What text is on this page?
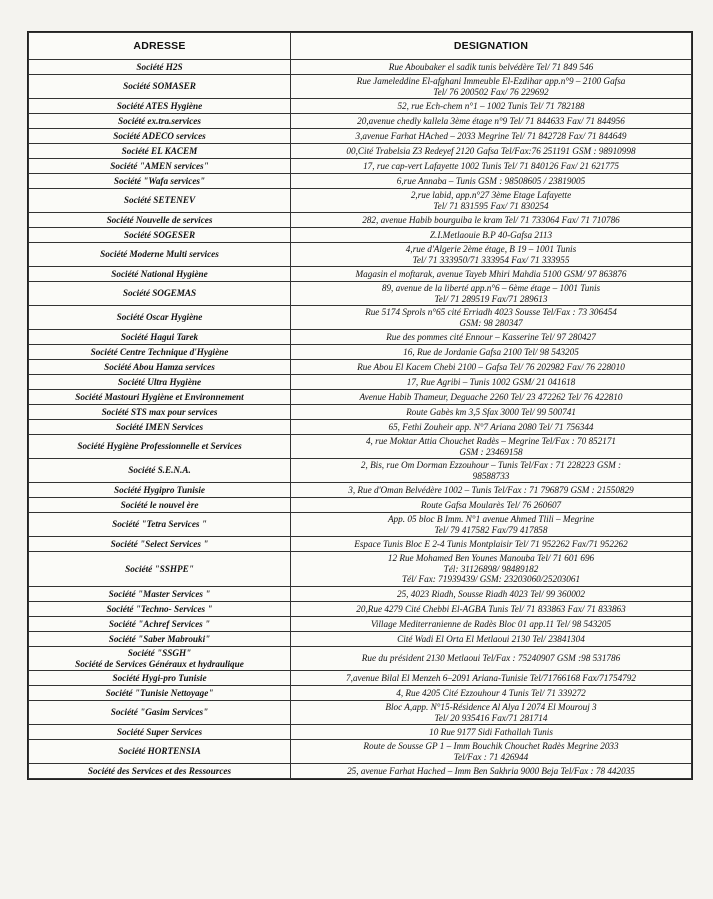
ADRESSE	DESIGNATION

Société H2S	Rue Aboubaker el sadik tunis belvédère Tel/ 71 849 546

Société SOMASER	Rue Jameleddine El-afghani Immeuble El-Ezdihar app.n°9 – 2100 Gafsa
Tel/ 76 200502 Fax/ 76 229692

Société ATES Hygiène	52, rue Ech-chem n°1 – 1002 Tunis Tel/ 71 782188

Société ex.tra.services	20,avenue chedly kallela 3ème étage n°9 Tel/ 71 844633 Fax/ 71 844956

Société ADECO services	3,avenue Farhat HAched – 2033 Megrine Tel/ 71 842728 Fax/ 71 844649

Société EL KACEM	00,Cité Trabelsia Z3 Redeyef 2120 Gafsa Tel/Fax:76 251191 GSM : 98910998

Société "AMEN services"	17, rue cap-vert Lafayette 1002 Tunis Tel/ 71 840126 Fax/ 21 621775

Société "Wafa services"	6,rue Annaba – Tunis GSM : 98508605 / 23819005

Société SETENEV	2,rue labid, app.n°27 3ème Etage Lafayette
Tel/ 71 831595 Fax/ 71 830254

Société Nouvelle de services	282, avenue Habib bourguiba le kram Tel/ 71 733064 Fax/ 71 710786

Société SOGESER	Z.I.Metlaouie B.P 40-Gafsa 2113

Société Moderne Multi services	4,rue d'Algerie 2ème étage, B 19 – 1001 Tunis
Tel/ 71 333950/71 333954 Fax/ 71 333955

Société National Hygiène	Magasin el moftarak, avenue Tayeb Mhiri Mahdia 5100 GSM/ 97 863876

Société SOGEMAS	89, avenue de la liberté app.n°6 – 6ème étage – 1001 Tunis
Tel/ 71 289519 Fax/71 289613

Société Oscar Hygiène	Rue 5174 Sprols n°65 cité Erriadh 4023 Sousse Tel/Fax : 73 306454
GSM: 98 280347

Société Hagui Tarek	Rue des pommes cité Ennour – Kasserine Tel/ 97 280427

Société Centre Technique d'Hygiène	16, Rue de Jordanie Gafsa 2100 Tel/ 98 543205

Société Abou Hamza services	Rue Abou El Kacem Chebi 2100 – Gafsa Tel/ 76 202982 Fax/ 76 228010

Société Ultra Hygiène	17, Rue Agribi – Tunis 1002 GSM/ 21 041618

Société Mastouri Hygiène et Environnement	Avenue Habib Thameur, Deguache 2260 Tel/ 23 472262 Tel/ 76 422810

Société STS max pour services	Route Gabès km 3,5 Sfax 3000 Tel/ 99 500741

Société IMEN Services	65, Fethi Zouheir app. N°7 Ariana 2080 Tel/ 71 756344

Société Hygiène Professionnelle et Services	4, rue Moktar Attia Chouchet Radès – Megrine Tel/Fax : 70 852171
GSM : 23469158

Société S.E.N.A.	2, Bis, rue Om Dorman Ezzouhour – Tunis Tel/Fax : 71 228223 GSM :
98588733

Société Hygipro Tunisie	3, Rue d'Oman Belvédère 1002 – Tunis Tel/Fax : 71 796879 GSM : 21550829

Société le nouvel ère	Route Gafsa Moularès Tel/ 76 260607

Société "Tetra Services "	App. 05 bloc B Imm. N°1 avenue Ahmed Tlili – Megrine
Tel/ 79 417582 Fax/79 417858

Société "Select Services "	Espace Tunis Bloc E 2-4 Tunis Montplaisir Tel/ 71 952262 Fax/71 952262

Société "SSHPE"	12 Rue Mohamed Ben Younes Manouba Tel/ 71 601 696
Tél: 31126898/ 98489182
Tél/ Fax: 71939439/ GSM: 23203060/25203061

Société "Master Services "	25, 4023 Riadh, Sousse Riadh 4023 Tel/ 99 360002

Société "Techno- Services "	20,Rue 4279 Cité Chebbi El-AGBA Tunis Tel/ 71 833863 Fax/ 71 833863

Société "Achref Services "	Village Mediterranienne de Radès Bloc 01 app.11 Tel/ 98 543205

Société "Saber Mabrouki"	Cité Wadi El Orta El Metlaoui 2130 Tel/ 23841304

Société "SSGH"
Société de Services Généraux et hydraulique	Rue du président 2130 Metlaoui Tel/Fax : 75240907 GSM :98 531786

Société Hygi-pro Tunisie	7,avenue Bilal El Menzeh 6–2091 Ariana-Tunisie Tel/71766168 Fax/71754792

Société "Tunisie Nettoyage"	4, Rue 4205 Cité Ezzouhour 4 Tunis Tel/ 71 339272

Société "Gasim Services"	Bloc A,app. N°15-Résidence Al Alya I 2074 El Mourouj 3
Tel/ 20 935416 Fax/71 281714

Société Super Services	10 Rue 9177 Sidi Fathallah Tunis

Société HORTENSIA	Route de Sousse GP 1 – Imm Bouchik Chouchet Radès Megrine 2033
Tel/Fax : 71 426944

Société des Services et des Ressources	25, avenue Farhat Hached – Imm Ben Sakhria 9000 Beja Tel/Fax : 78 442035
